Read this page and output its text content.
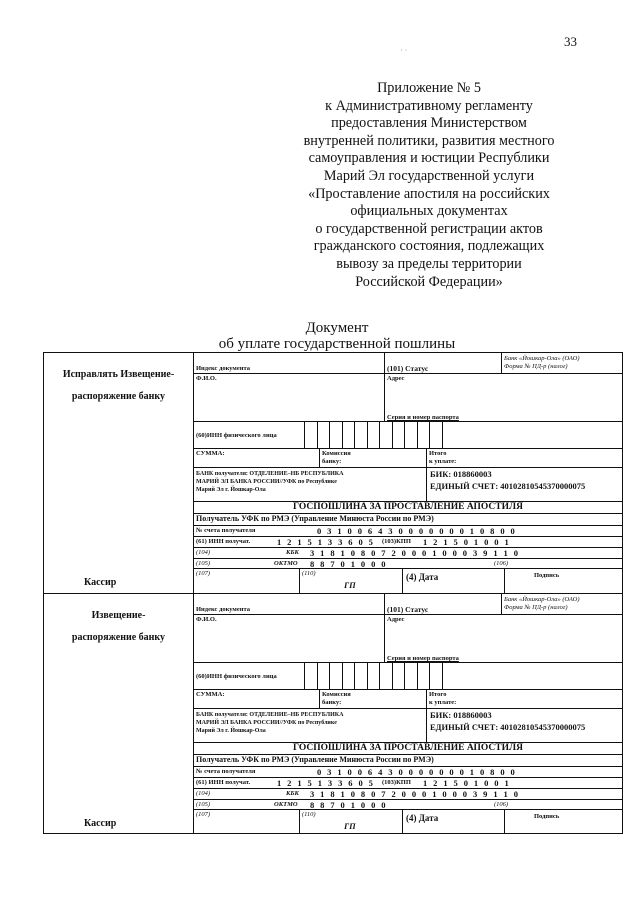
33
Приложение № 5
к Административному регламенту
предоставления Министерством
внутренней политики, развития местного
самоуправления и юстиции Республики
Марий Эл государственной услуги
«Проставление апостиля на российских
официальных документах
о государственной регистрации актов
гражданского состояния, подлежащих
вывозу за пределы территории
Российской Федерации»
Документ
об уплате государственной пошлины
· ·
Исправлять Извещение-

распоряжение банку
Кассир
Индекс документа	(101) Статус
Банк «Йошкар-Ола» (ОАО)
Форма № ПД-р (налог)
Ф.И.О.	Адрес
Серия и номер паспорта
(60)ИНН физического лица
СУММА:	Комиссия
банку:
Итого
к уплате:
БАНК получателя: ОТДЕЛЕНИЕ–НБ РЕСПУБЛИКА
МАРИЙ ЭЛ БАНКА РОССИИ//УФК по Республике
Марий Эл г. Йошкар-Ола
БИК: 018860003
ЕДИНЫЙ СЧЕТ: 40102810545370000075
ГОСПОШЛИНА ЗА ПРОСТАВЛЕНИЕ АПОСТИЛЯ
Получатель УФК по РМЭ (Управление Минюста России по РМЭ)
№ счета получателя	0 3 1 0 0 6 4 3 0 0 0 0 0 0 0 1 0 8 0 0
(61) ИНН получат.	1 2 1 5 1 3 3 6 0 5	(103)КПП	1 2 1 5 0 1 0 0 1
(104)	КБК	3 1 8 1 0 8 0 7 2 0 0 0 1 0 0 0 3 9 1 1 0
(105)	ОКТМО	8 8 7 0 1 0 0 0	(106)
(107)	(110)
ГП
(4) Дата	Подпись
Извещение-

распоряжение банку
Кассир
Индекс документа	(101) Статус
Банк «Йошкар-Ола» (ОАО)
Форма № ПД-р (налог)
Ф.И.О.	Адрес
Серия и номер паспорта
(60)ИНН физического лица
СУММА:	Комиссия
банку:
Итого
к уплате:
БАНК получателя: ОТДЕЛЕНИЕ–НБ РЕСПУБЛИКА
МАРИЙ ЭЛ БАНКА РОССИИ//УФК по Республике
Марий Эл г. Йошкар-Ола
БИК: 018860003
ЕДИНЫЙ СЧЕТ: 40102810545370000075
ГОСПОШЛИНА ЗА ПРОСТАВЛЕНИЕ АПОСТИЛЯ
Получатель УФК по РМЭ (Управление Минюста России по РМЭ)
№ счета получателя	0 3 1 0 0 6 4 3 0 0 0 0 0 0 0 1 0 8 0 0
(61) ИНН получат.	1 2 1 5 1 3 3 6 0 5	(103)КПП	1 2 1 5 0 1 0 0 1
(104)	КБК	3 1 8 1 0 8 0 7 2 0 0 0 1 0 0 0 3 9 1 1 0
(105)	ОКТМО	8 8 7 0 1 0 0 0	(106)
(107)	(110)
ГП
(4) Дата	Подпись
